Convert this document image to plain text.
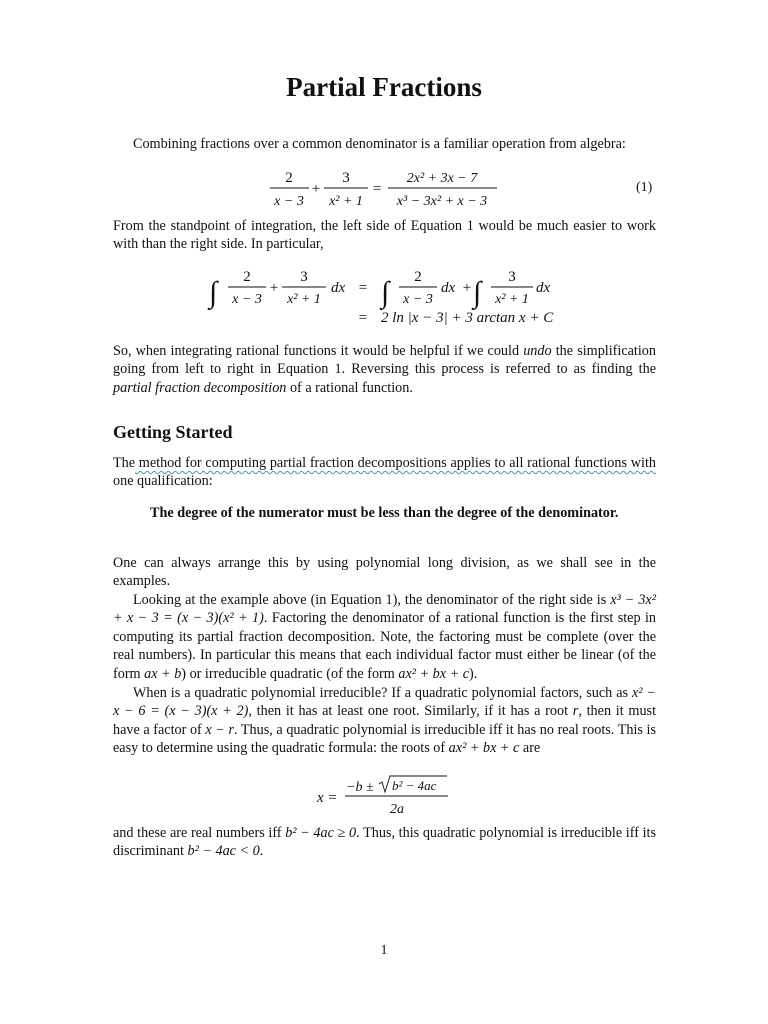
Partial Fractions

Combining fractions over a common denominator is a familiar operation from algebra:

2
x − 3
+
3
x² + 1
=
2x² + 3x − 7
x³ − 3x² + x − 3
(1)

From the standpoint of integration, the left side of Equation 1 would be much easier to work with than the right side. In particular,

∫ 2
x − 3
+
3
x² + 1
dx = ∫ 2
x − 3
dx + ∫ 3
x² + 1
dx
= 2 ln |x − 3| + 3 arctan x + C

So, when integrating rational functions it would be helpful if we could undo the simplification going from left to right in Equation 1. Reversing this process is referred to as finding the partial fraction decomposition of a rational function.

Getting Started

The method for computing partial fraction decompositions applies to all rational functions with one qualification:

The degree of the numerator must be less than the degree of the denominator.

One can always arrange this by using polynomial long division, as we shall see in the examples.

Looking at the example above (in Equation 1), the denominator of the right side is x³ − 3x² + x − 3 = (x − 3)(x² + 1). Factoring the denominator of a rational function is the first step in computing its partial fraction decomposition. Note, the factoring must be complete (over the real numbers). In particular this means that each individual factor must either be linear (of the form ax + b) or irreducible quadratic (of the form ax² + bx + c).

When is a quadratic polynomial irreducible? If a quadratic polynomial factors, such as x² − x − 6 = (x − 3)(x + 2), then it has at least one root. Similarly, if it has a root r, then it must have a factor of x − r. Thus, a quadratic polynomial is irreducible iff it has no real roots. This is easy to determine using the quadratic formula: the roots of ax² + bx + c are

x =
−b ± b² − 4ac
2a

and these are real numbers iff b² − 4ac ≥ 0. Thus, this quadratic polynomial is irreducible iff its discriminant b² − 4ac < 0.

1
